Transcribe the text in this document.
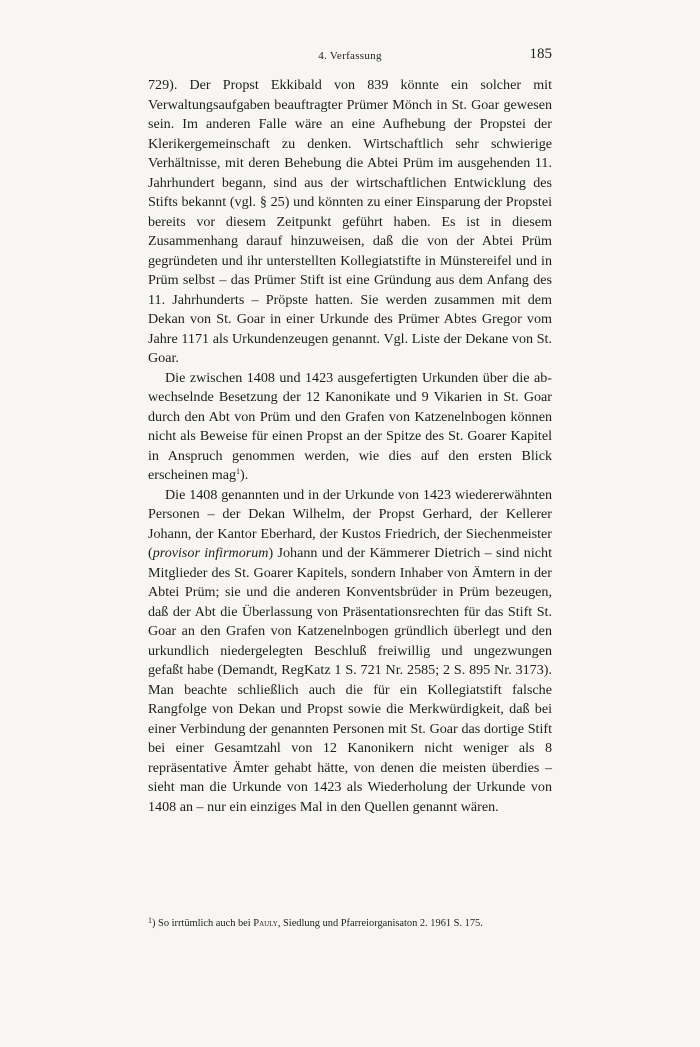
4. Verfassung	185

729). Der Propst Ekkibald von 839 könnte ein solcher mit Verwaltungsaufgaben beauftragter Prümer Mönch in St. Goar gewesen sein. Im anderen Falle wäre an eine Aufhebung der Propstei der Klerikergemeinschaft zu denken. Wirtschaftlich sehr schwierige Verhältnisse, mit deren Behebung die Abtei Prüm im ausgehenden 11. Jahrhundert begann, sind aus der wirtschaftlichen Entwicklung des Stifts bekannt (vgl. § 25) und könnten zu einer Einsparung der Propstei bereits vor diesem Zeitpunkt geführt haben. Es ist in diesem Zusammenhang darauf hinzuweisen, daß die von der Abtei Prüm gegründeten und ihr unterstellten Kollegiatstifte in Münstereifel und in Prüm selbst – das Prümer Stift ist eine Gründung aus dem Anfang des 11. Jahrhunderts – Pröpste hatten. Sie werden zusammen mit dem Dekan von St. Goar in einer Urkunde des Prümer Abtes Gregor vom Jahre 1171 als Urkundenzeugen genannt. Vgl. Liste der Dekane von St. Goar.

Die zwischen 1408 und 1423 ausgefertigten Urkunden über die abwechselnde Besetzung der 12 Kanonikate und 9 Vikarien in St. Goar durch den Abt von Prüm und den Grafen von Katzenelnbogen können nicht als Beweise für einen Propst an der Spitze des St. Goarer Kapitel in Anspruch genommen werden, wie dies auf den ersten Blick erscheinen mag$^1$).

Die 1408 genannten und in der Urkunde von 1423 wiedererwähnten Personen – der Dekan Wilhelm, der Propst Gerhard, der Kellerer Johann, der Kantor Eberhard, der Kustos Friedrich, der Siechenmeister (provisor infirmorum) Johann und der Kämmerer Dietrich – sind nicht Mitglieder des St. Goarer Kapitels, sondern Inhaber von Ämtern in der Abtei Prüm; sie und die anderen Konventsbrüder in Prüm bezeugen, daß der Abt die Überlassung von Präsentationsrechten für das Stift St. Goar an den Grafen von Katzenelnbogen gründlich überlegt und den urkundlich niedergelegten Beschluß freiwillig und ungezwungen gefaßt habe (Demandt, RegKatz 1 S. 721 Nr. 2585; 2 S. 895 Nr. 3173). Man beachte schließlich auch die für ein Kollegiatstift falsche Rangfolge von Dekan und Propst sowie die Merkwürdigkeit, daß bei einer Verbindung der genannten Personen mit St. Goar das dortige Stift bei einer Gesamtzahl von 12 Kanonikern nicht weniger als 8 repräsentative Ämter gehabt hätte, von denen die meisten überdies – sieht man die Urkunde von 1423 als Wiederholung der Urkunde von 1408 an – nur ein einziges Mal in den Quellen genannt wären.

$^1$) So irrtümlich auch bei Pauly, Siedlung und Pfarreiorganisaton 2. 1961 S. 175.
